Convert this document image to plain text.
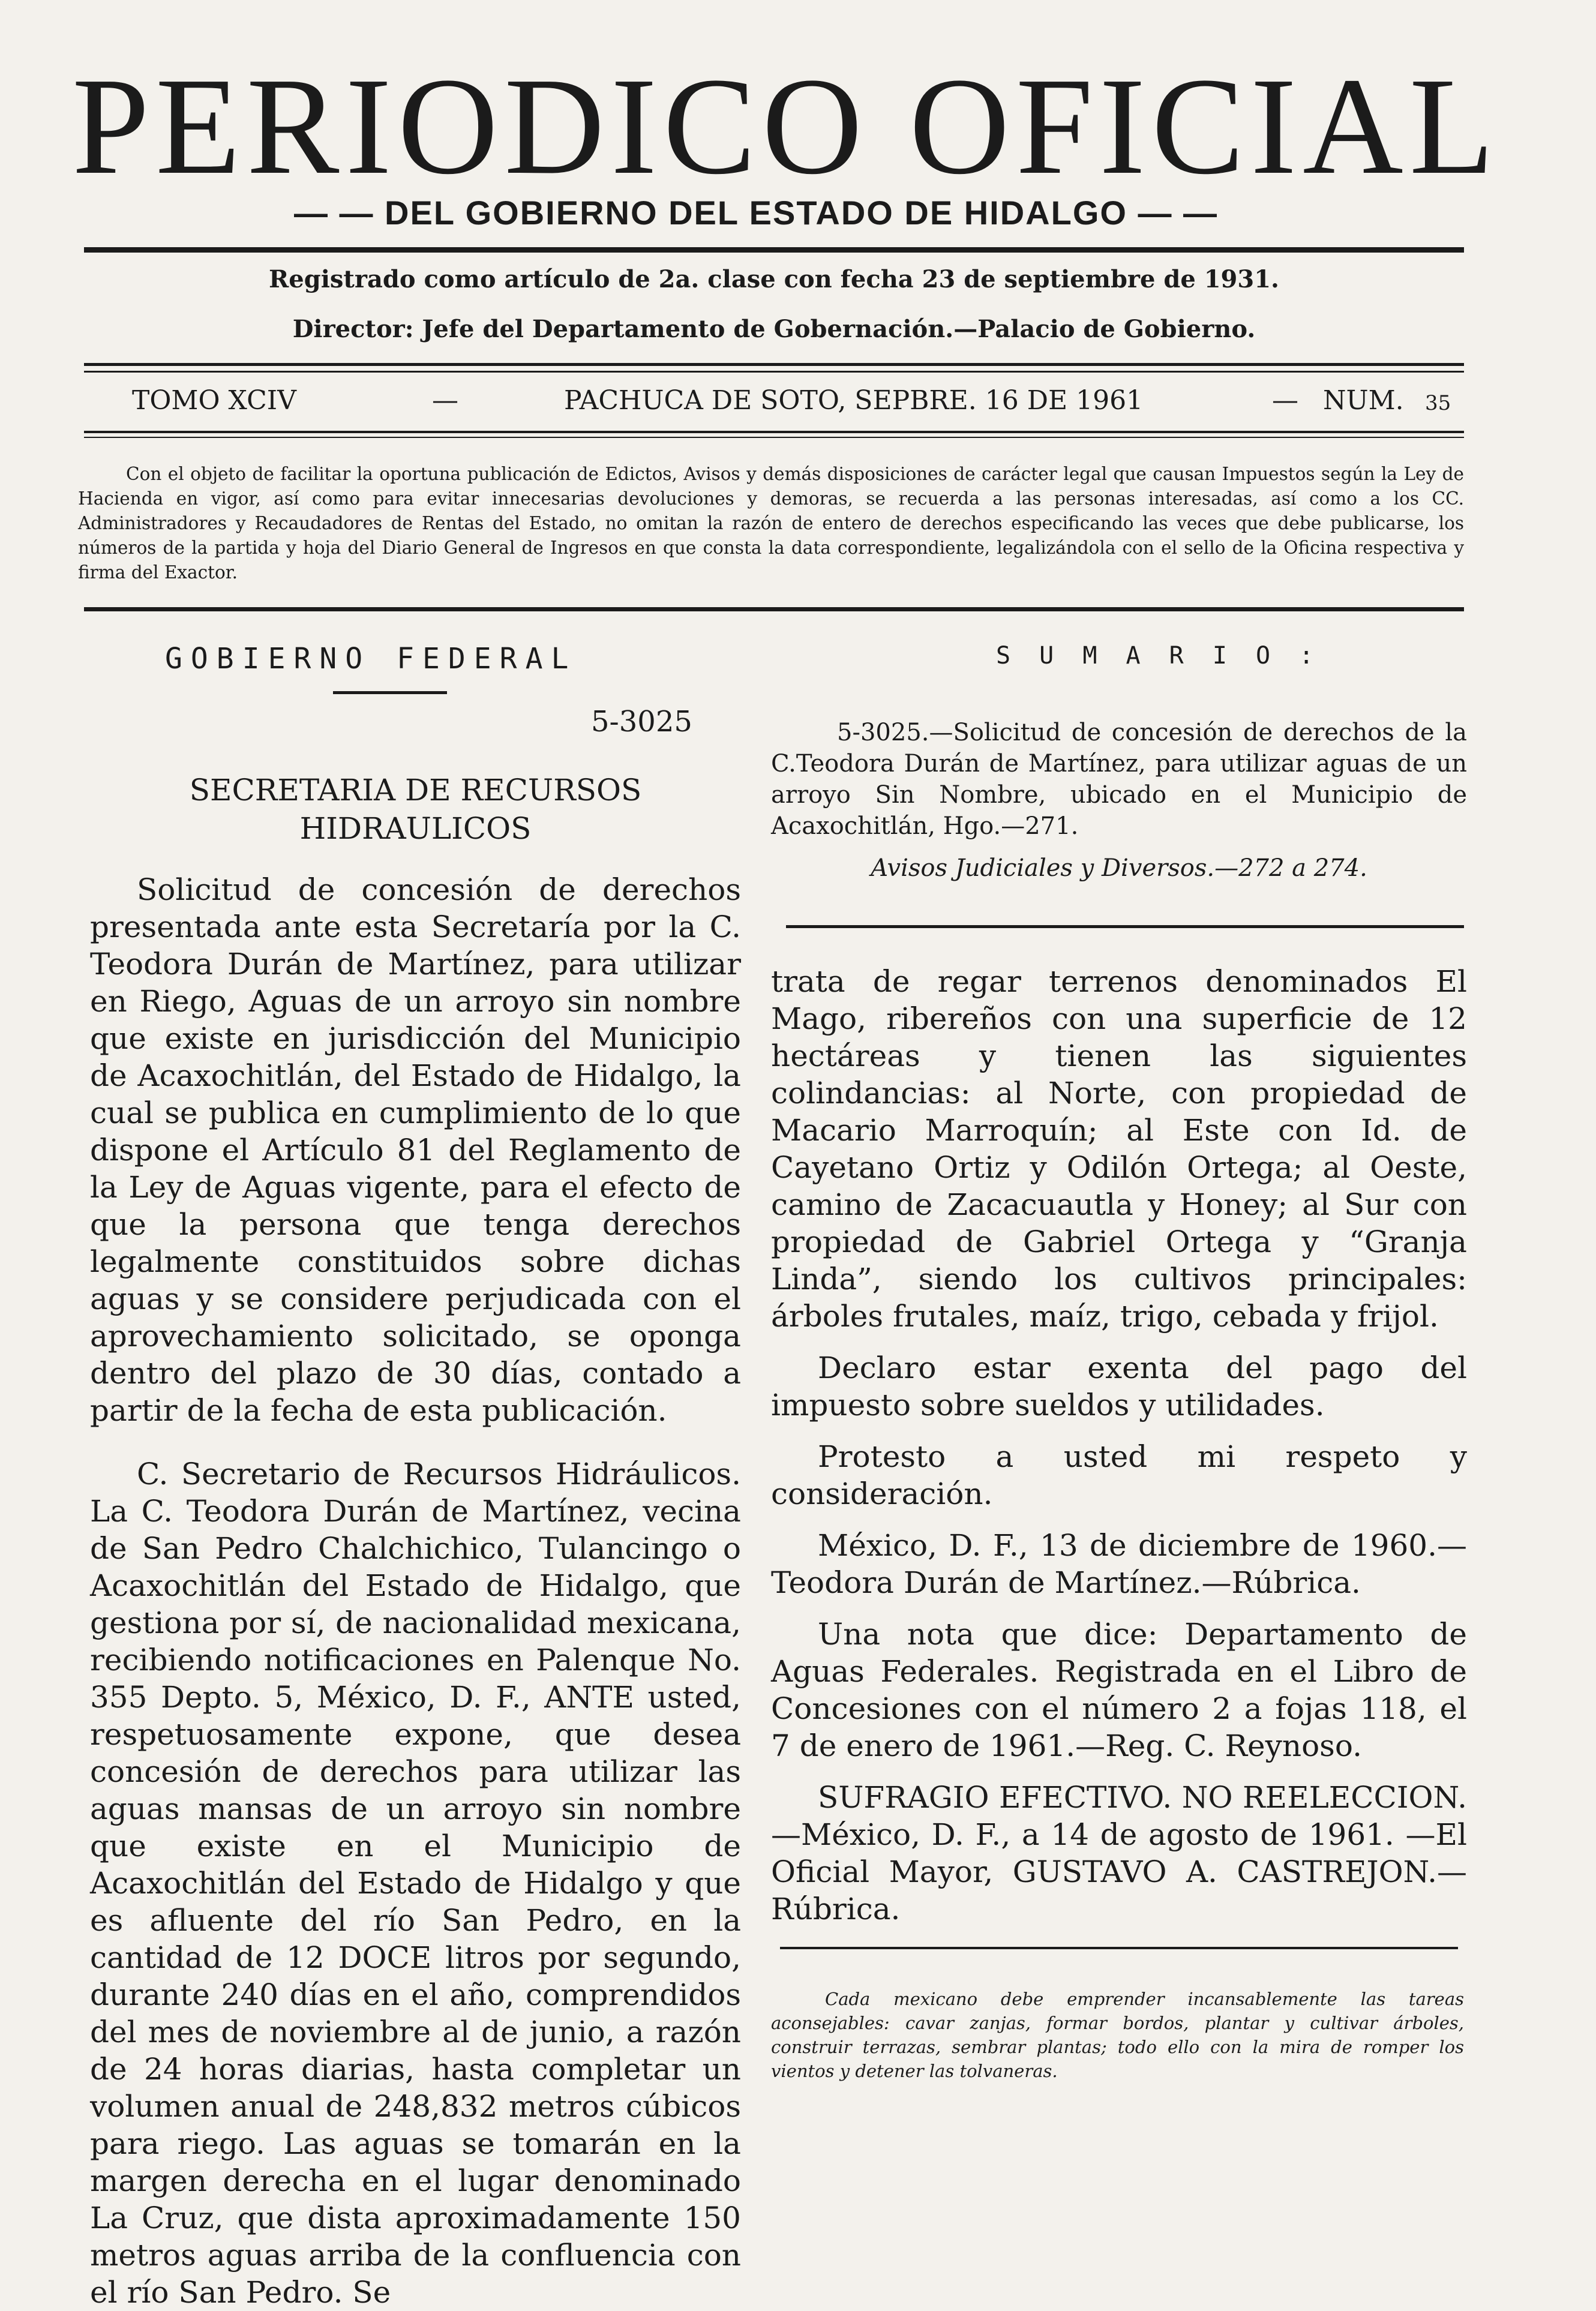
PERIODICO OFICIAL
— — DEL GOBIERNO DEL ESTADO DE HIDALGO — —
Registrado como artículo de 2a. clase con fecha 23 de septiembre de 1931.
Director: Jefe del Departamento de Gobernación.—Palacio de Gobierno.
TOMO XCIV	—	PACHUCA DE SOTO, SEPBRE. 16 DE 1961	— NUM. 35
Con el objeto de facilitar la oportuna publicación de Edictos, Avisos y demás disposiciones de carácter legal que causan Impuestos según la Ley de Hacienda en vigor, así como para evitar innecesarias devoluciones y demoras, se recuerda a las personas interesadas, así como a los CC. Administradores y Recaudadores de Rentas del Estado, no omitan la razón de entero de derechos especificando las veces que debe publicarse, los números de la partida y hoja del Diario General de Ingresos en que consta la data correspondiente, legalizándola con el sello de la Oficina respectiva y firma del Exactor.
GOBIERNO FEDERAL
5-3025
SECRETARIA DE RECURSOS
HIDRAULICOS

Solicitud de concesión de derechos presentada ante esta Secretaría por la C. Teodora Durán de Martínez, para utilizar en Riego, Aguas de un arroyo sin nombre que existe en jurisdicción del Municipio de Acaxochitlán, del Estado de Hidalgo, la cual se publica en cumplimiento de lo que dispone el Artículo 81 del Reglamento de la Ley de Aguas vigente, para el efecto de que la persona que tenga derechos legalmente constituidos sobre dichas aguas y se considere perjudicada con el aprovechamiento solicitado, se oponga dentro del plazo de 30 días, contado a partir de la fecha de esta publicación.

C. Secretario de Recursos Hidráulicos. La C. Teodora Durán de Martínez, vecina de San Pedro Chalchichico, Tulancingo o Acaxochitlán del Estado de Hidalgo, que gestiona por sí, de nacionalidad mexicana, recibiendo notificaciones en Palenque No. 355 Depto. 5, México, D. F., ANTE usted, respetuosamente expone, que desea concesión de derechos para utilizar las aguas mansas de un arroyo sin nombre que existe en el Municipio de Acaxochitlán del Estado de Hidalgo y que es afluente del río San Pedro, en la cantidad de 12 DOCE litros por segundo, durante 240 días en el año, comprendidos del mes de noviembre al de junio, a razón de 24 horas diarias, hasta completar un volumen anual de 248,832 metros cúbicos para riego. Las aguas se tomarán en la margen derecha en el lugar denominado La Cruz, que dista aproximadamente 150 metros aguas arriba de la confluencia con el río San Pedro. Se

S U M A R I O :
5-3025.—Solicitud de concesión de derechos de la C.Teodora Durán de Martínez, para utilizar aguas de un arroyo Sin Nombre, ubicado en el Municipio de Acaxochitlán, Hgo.—271.
Avisos Judiciales y Diversos.—272 a 274.

trata de regar terrenos denominados El Mago, ribereños con una superficie de 12 hectáreas y tienen las siguientes colindancias: al Norte, con propiedad de Macario Marroquín; al Este con Id. de Cayetano Ortiz y Odilón Ortega; al Oeste, camino de Zacacuautla y Honey; al Sur con propiedad de Gabriel Ortega y “Granja Linda”, siendo los cultivos principales: árboles frutales, maíz, trigo, cebada y frijol.

Declaro estar exenta del pago del impuesto sobre sueldos y utilidades.

Protesto a usted mi respeto y consideración.

México, D. F., 13 de diciembre de 1960.— Teodora Durán de Martínez.—Rúbrica.

Una nota que dice: Departamento de Aguas Federales. Registrada en el Libro de Concesiones con el número 2 a fojas 118, el 7 de enero de 1961.—Reg. C. Reynoso.

SUFRAGIO EFECTIVO. NO REELECCION.—México, D. F., a 14 de agosto de 1961. —El Oficial Mayor, GUSTAVO A. CASTREJON.—Rúbrica.

Cada mexicano debe emprender incansablemente las tareas aconsejables: cavar zanjas, formar bordos, plantar y cultivar árboles, construir terrazas, sembrar plantas; todo ello con la mira de romper los vientos y detener las tolvaneras.
